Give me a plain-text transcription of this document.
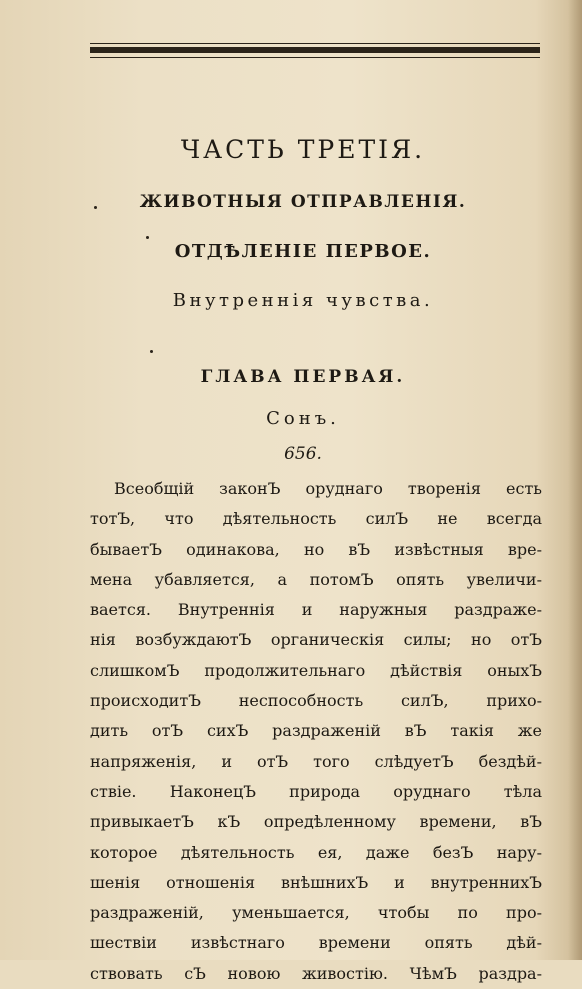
ЧАСТЬ ТРЕТІЯ.
ЖИВОТНЫЯ ОТПРАВЛЕНІЯ.
ОТДѢЛЕНІЕ ПЕРВОЕ.
Внутреннія чувства.
ГЛАВА ПЕРВАЯ.
Сонъ.
656.
Всеобщій законЪ оруднаго творенія есть
тотЪ, что дѣятельность силЪ не всегда
бываетЪ одинакова, но вЪ извѣстныя вре-
мена убавляется, а потомЪ опять увеличи-
вается. Внутреннія и наружныя раздраже-
нія возбуждаютЪ органическія силы; но отЪ
слишкомЪ продолжительнаго дѣйствія оныхЪ
происходитЪ неспособность силЪ, прихо-
дить отЪ сихЪ раздраженій вЪ такія же
напряженія, и отЪ того слѣдуетЪ бездѣй-
ствіе. НаконецЪ природа оруднаго тѣла
привыкаетЪ кЪ опредѣленному времени, вЪ
которое дѣятельность ея, даже безЪ нару-
шенія отношенія внѣшнихЪ и внутреннихЪ
раздраженій, уменьшается, чтобы по про-
шествіи извѣстнаго времени опять дѣй-
ствовать сЪ новою живостію. ЧѣмЪ раздра-
